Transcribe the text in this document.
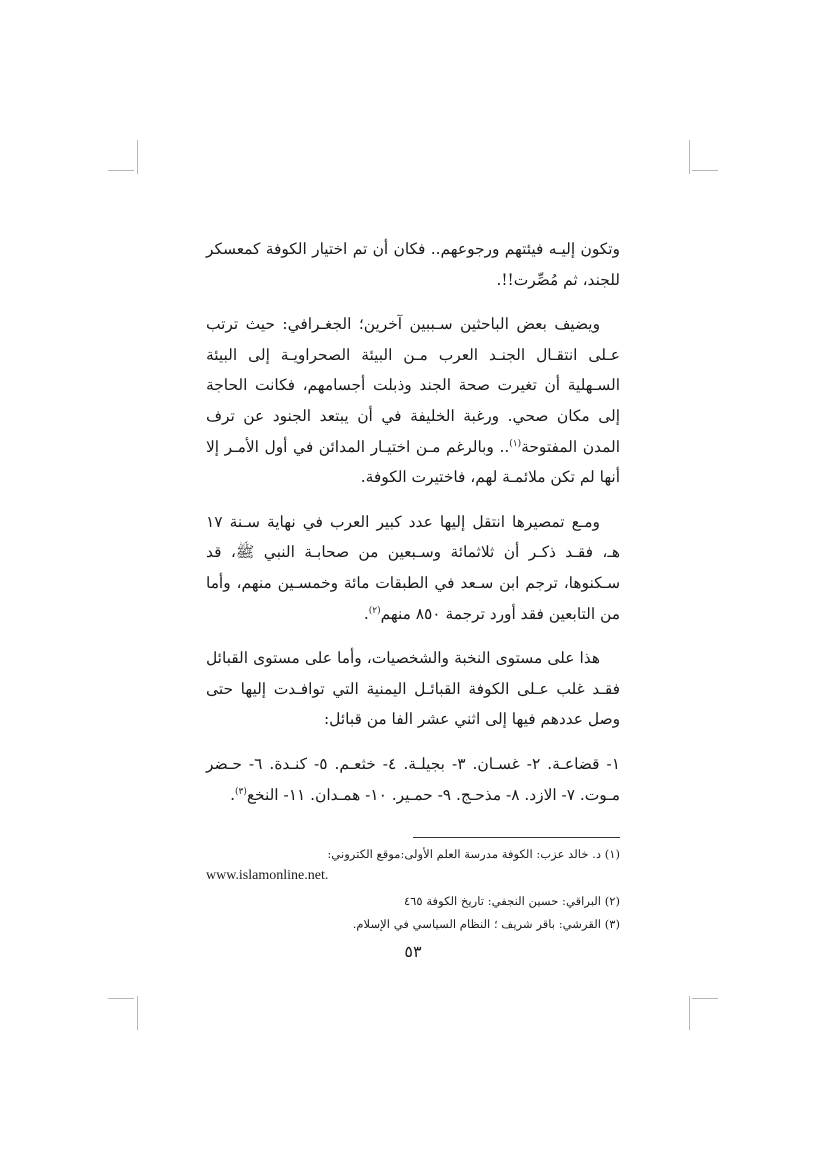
وتكون إليـه فيئتهم ورجوعهم.. فكان أن تم اختيار الكوفة كمعسكر للجند، ثم مُصِّرت!!.

ويضيف بعض الباحثين سـببين آخرين؛ الجغـرافي: حيث ترتب عـلى انتقـال الجنـد العرب مـن البيئة الصحراويـة إلى البيئة السـهلية أن تغيرت صحة الجند وذبلت أجسامهم، فكانت الحاجة إلى مكان صحي. ورغبة الخليفة في أن يبتعد الجنود عن ترف المدن المفتوحة$^{(١)}$.. وبالرغم مـن اختيـار المدائن في أول الأمـر إلا أنها لم تكن ملائمـة لهم، فاختيرت الكوفة.

ومـع تمصيرها انتقل إليها عدد كبير العرب في نهاية سـنة ١٧ هـ، فقـد ذكـر أن ثلاثمائة وسـبعين من صحابـة النبي ﷺ، قد سـكنوها، ترجم ابن سـعد في الطبقات مائة وخمسـين منهم، وأما من التابعين فقد أورد ترجمة ٨٥٠ منهم$^{(٢)}$.

هذا على مستوى النخبة والشخصيات، وأما على مستوى القبائل فقـد غلب عـلى الكوفة القبائـل اليمنية التي توافـدت إليها حتى وصل عددهم فيها إلى اثني عشر الفا من قبائل:

١- قضاعـة. ٢- غسـان. ٣- بجيلـة. ٤- خثعـم. ٥- كنـدة. ٦- حـضر مـوت. ٧- الازد. ٨- مذحـج. ٩- حمـير. ١٠- همـدان. ١١- النخع$^{(٣)}$.

(١) د. خالد عزب: الكوفة مدرسة العلم الأولى:موقع الكتروني:

www.islamonline.net.

(٢) البراقي: حسين النجفي: تاريخ الكوفة ٤٦٥

(٣) القرشي: باقر شريف ؛ النظام السياسي في الإسلام.

٥٣
